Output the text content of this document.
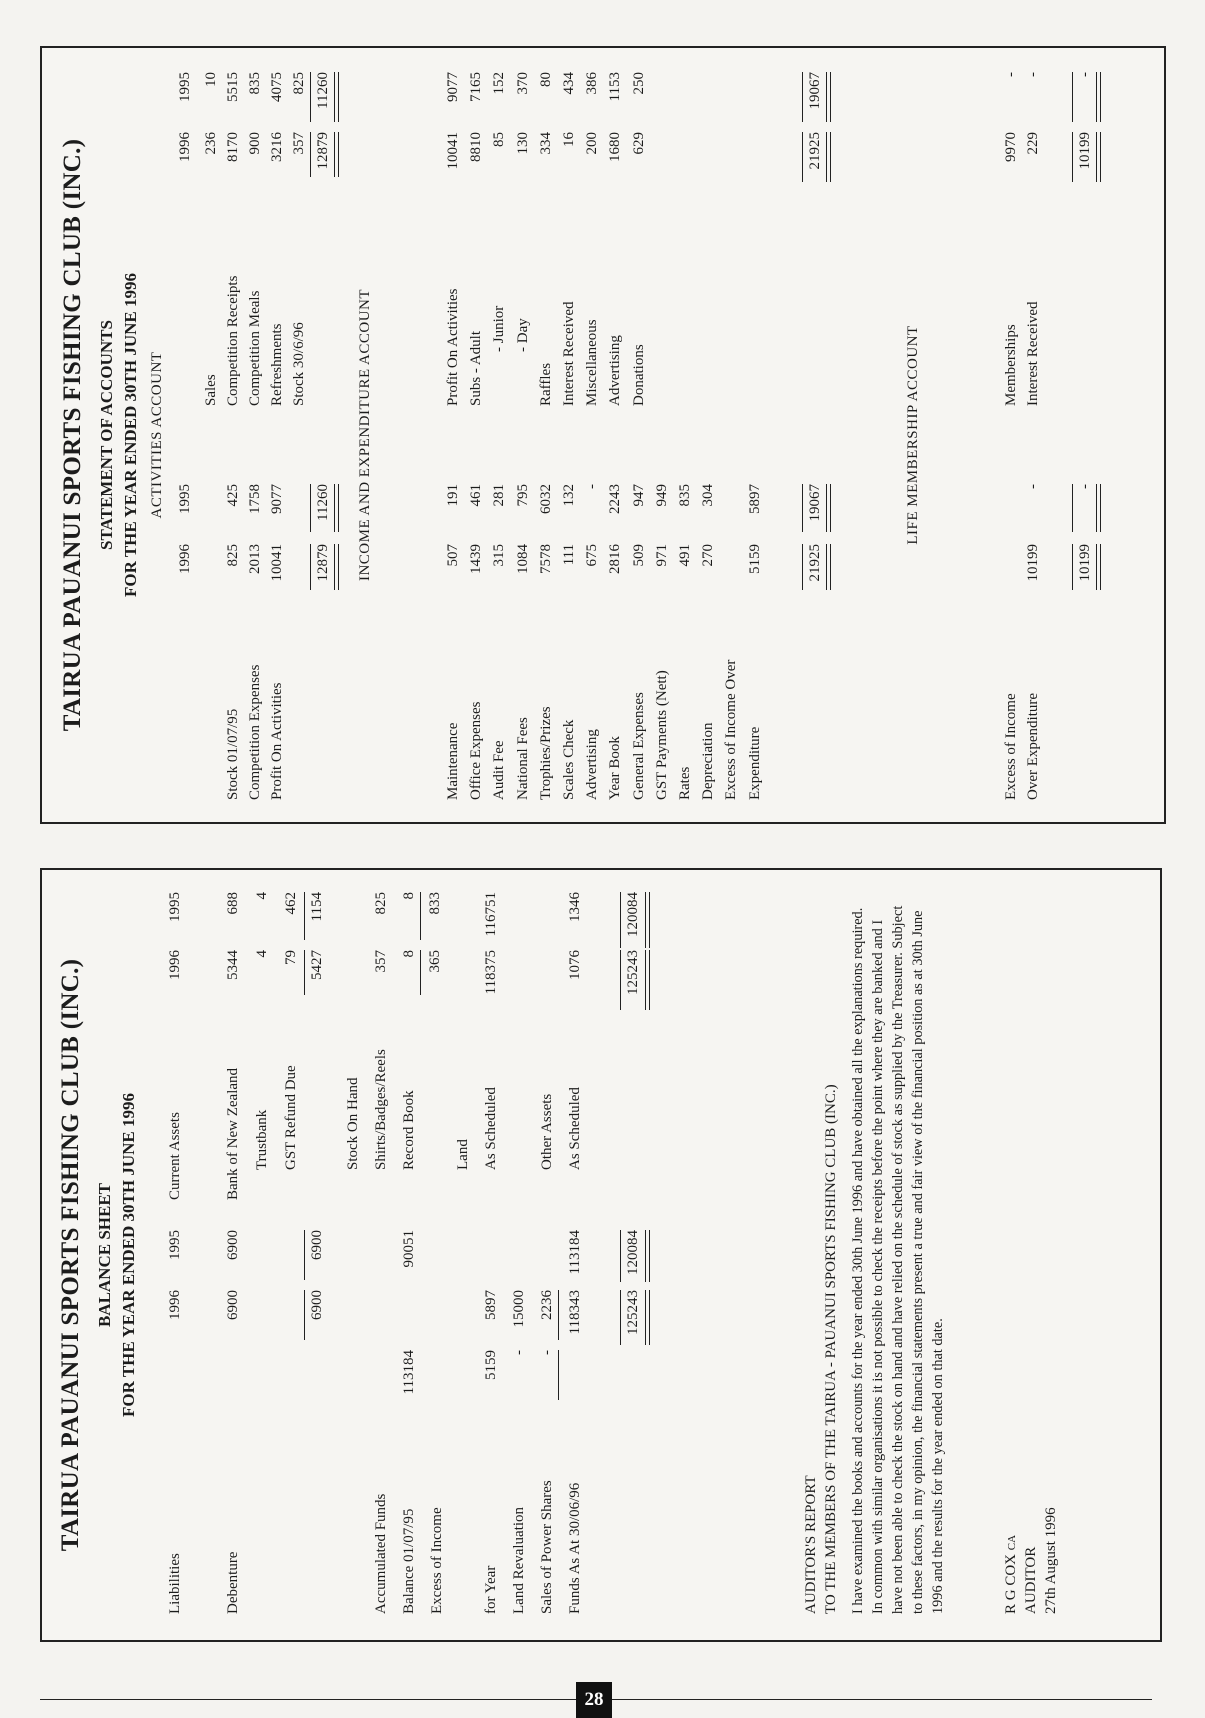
28
TAIRUA PAUANUI SPORTS FISHING CLUB (INC.) BALANCE SHEET FOR THE YEAR ENDED 30TH JUNE 1996
Liabilities
1996
1995
Current Assets
1996
1995
Debenture
6900
6900
Bank of New Zealand
5344
688
Trustbank
4
4
GST Refund Due
79
462
6900
6900
5427
1154
Stock On Hand
Accumulated Funds
Shirts/Badges/Reels
357
825
Balance 01/07/95
113184
90051
Record Book
8
8
Excess of Income
365
833
Land
for Year
5159
5897
As Scheduled
118375
116751
Land Revaluation
-
15000
Sales of Power Shares
-
2236
Other Assets
Funds As At 30/06/96
118343
113184
As Scheduled
1076
1346
125243
120084
125243
120084
AUDITOR'S REPORT TO THE MEMBERS OF THE TAIRUA - PAUANUI SPORTS FISHING CLUB (INC.) I have examined the books and accounts for the year ended 30th June 1996 and have obtained all the explanations required. In common with similar organisations it is not possible to check the receipts before the point where they are banked and I have not been able to check the stock on hand and have relied on the schedule of stock as supplied by the Treasurer. Subject to these factors, in my opinion, the financial statements present a true and fair view of the financial position as at 30th June 1996 and the results for the year ended on that date.	R G COX CA
AUDITOR 27th August 1996
TAIRUA PAUANUI SPORTS FISHING CLUB (INC.) STATEMENT OF ACCOUNTS FOR THE YEAR ENDED 30TH JUNE 1996 ACTIVITIES ACCOUNT
1996
1995
1996
1995
Stock 01/07/95
825
425
Competition Expenses
2013
1758
Profit On Activities
10041
9077
Sales
236
10
Competition Receipts
8170
5515
Competition Meals
900
835
Refreshments
3216
4075
Stock 30/6/96
357
825
12879
11260
12879
11260
INCOME AND EXPENDITURE ACCOUNT
Maintenance
507
191
Office Expenses
1439
461
Audit Fee
315
281
National Fees
1084
795
Trophies/Prizes
7578
6032
Scales Check
111
132
Advertising
675
-
Year Book
2816
2243
General Expenses
509
947
GST Payments (Nett)
971
949
Rates
491
835
Depreciation
270
304
Excess of Income Over Expenditure
5159
5897
Profit On Activities
10041
9077
Subs - Adult
8810
7165
- Junior
85
152
- Day
130
370
Raffles
334
80
Interest Received
16
434
Miscellaneous
200
386
Advertising
1680
1153
Donations
629
250
21925
19067
21925
19067
LIFE MEMBERSHIP ACCOUNT
Excess of Income Over Expenditure
10199
-
Memberships
9970
-
Interest Received
229
-
10199
-
10199
-
